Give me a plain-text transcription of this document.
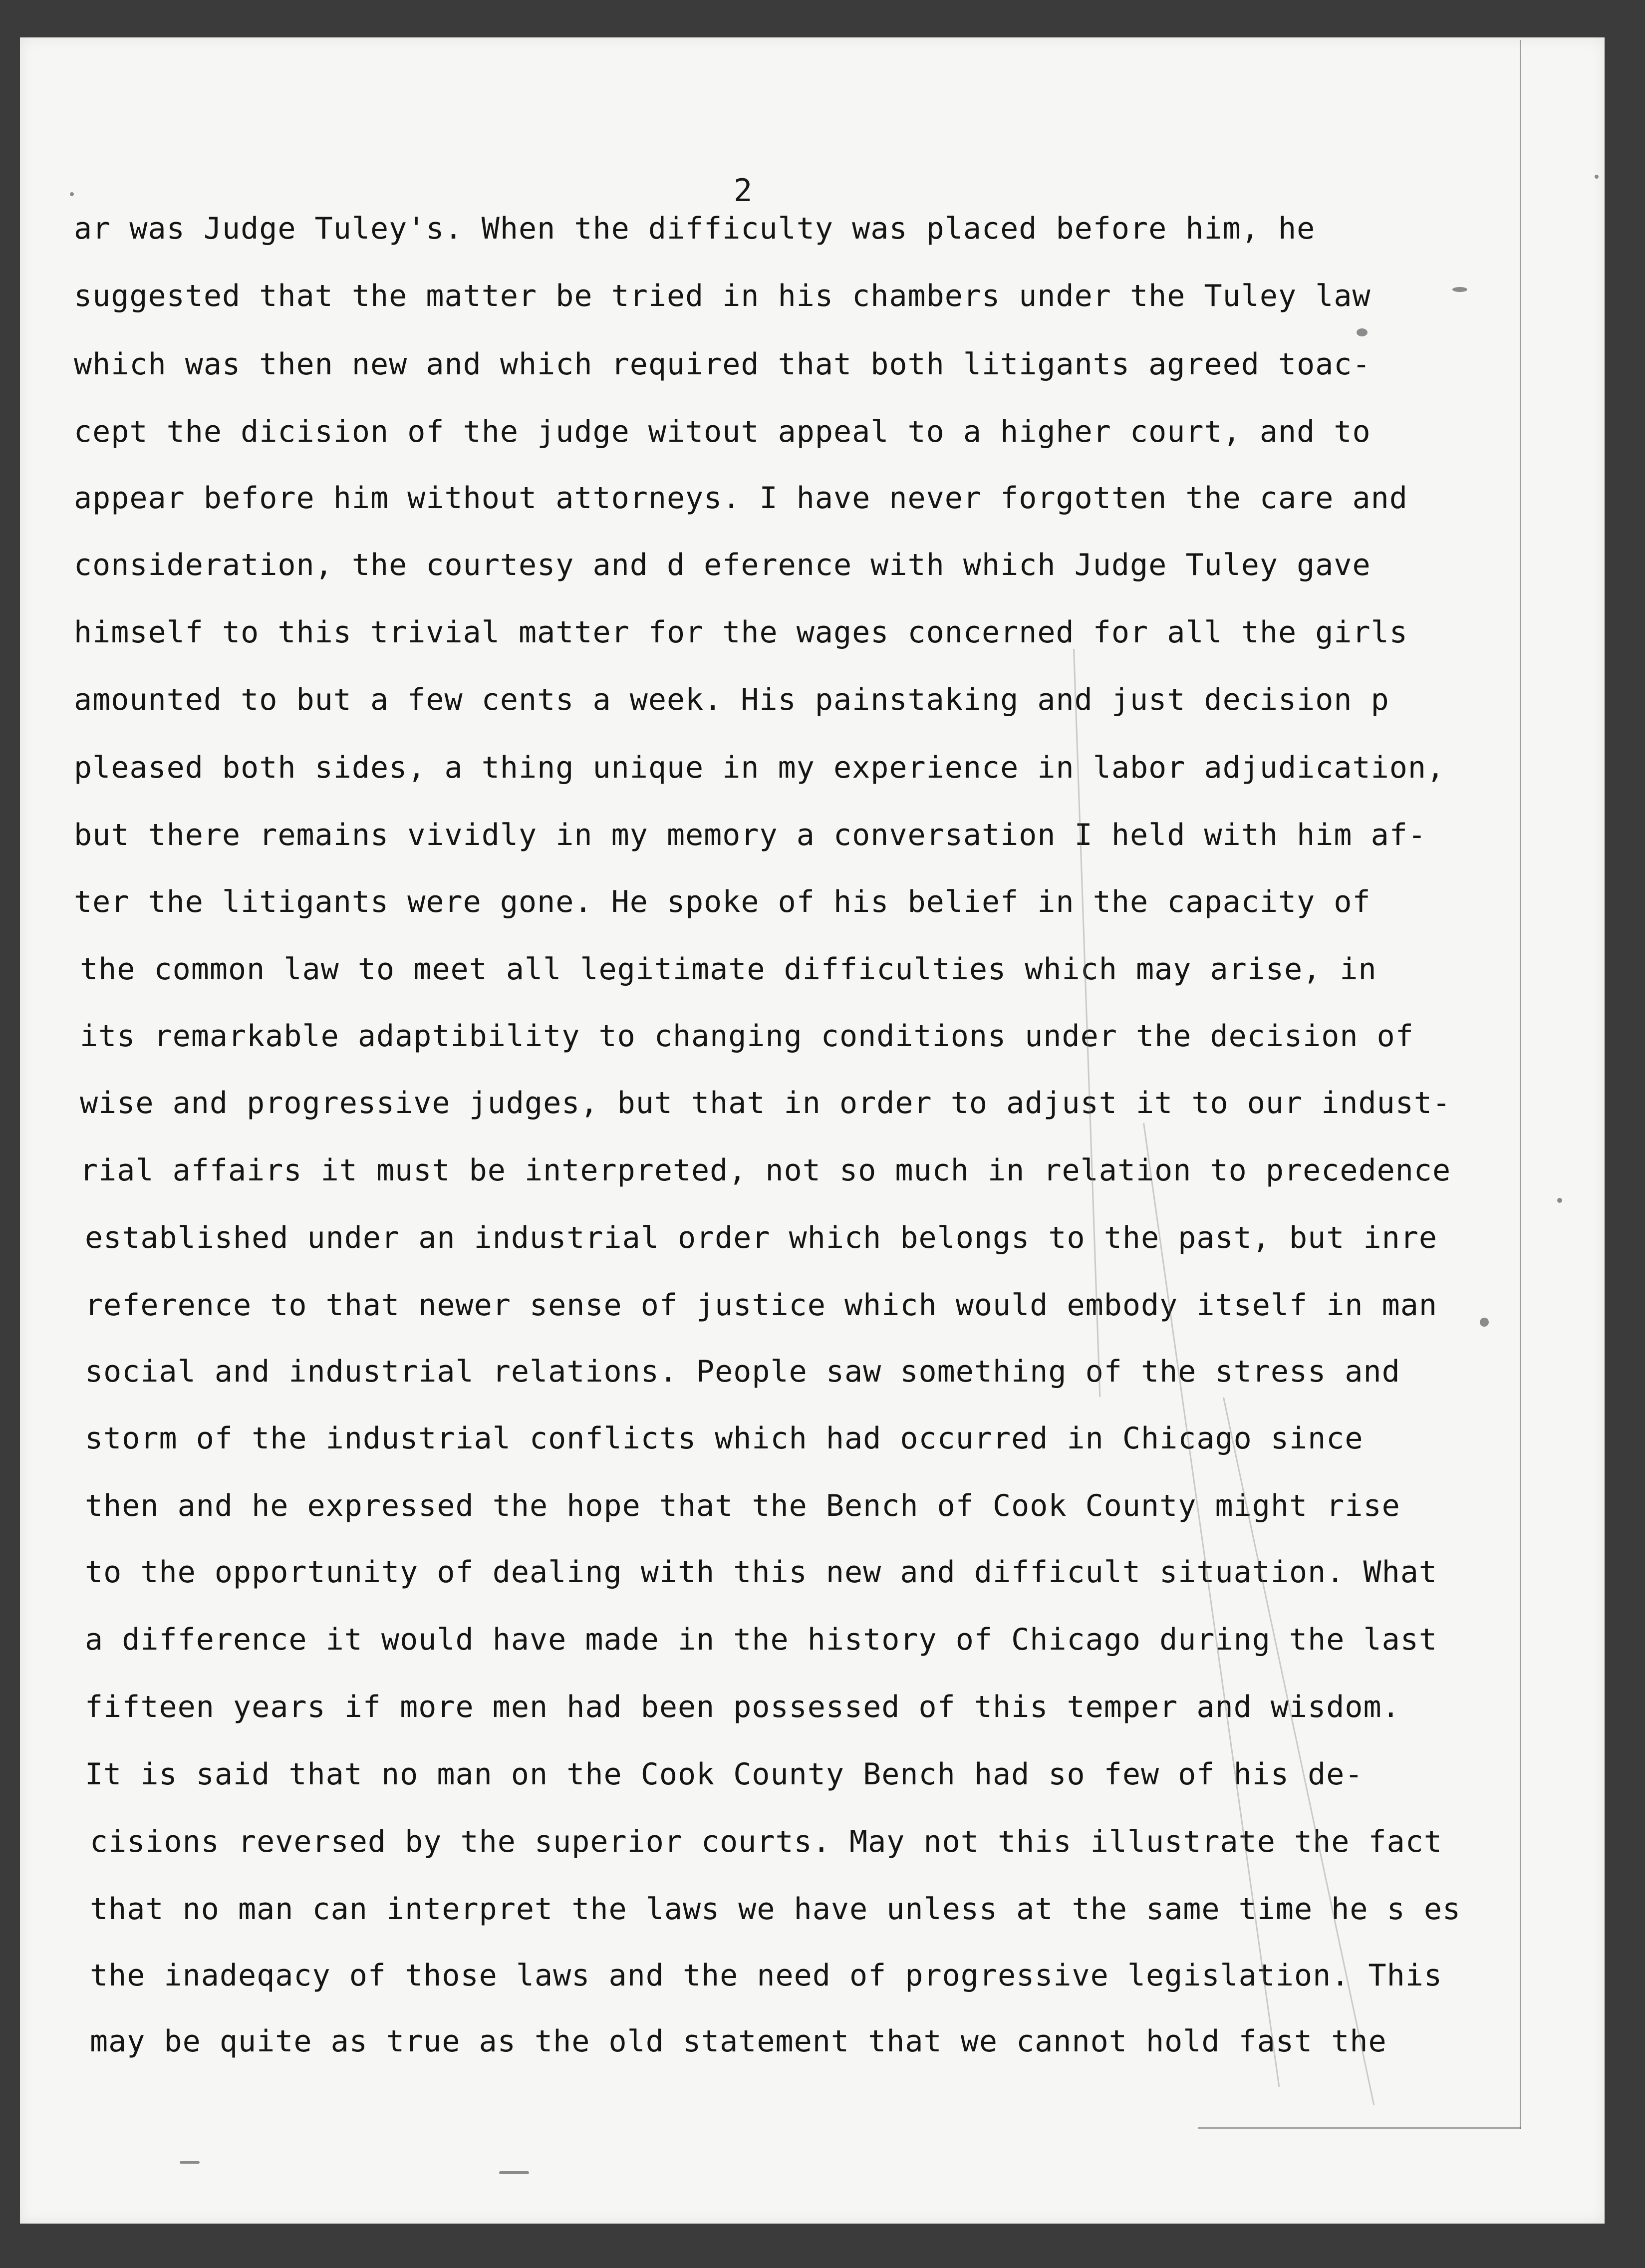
2
ar was Judge Tuley's. When the difficulty was placed before him, he
suggested that the matter be tried in his chambers under the Tuley law
which was then new and which required that both litigants agreed toac-
cept the dicision of the judge witout appeal to a higher court, and to
appear before him without attorneys. I have never forgotten the care and
consideration, the courtesy and d eference with which Judge Tuley gave
himself to this trivial matter for the wages concerned for all the girls
amounted to but a few cents a week. His painstaking and just decision p
pleased both sides, a thing unique in my experience in labor adjudication,
but there remains vividly in my memory a conversation I held with him af-
ter the litigants were gone. He spoke of his belief in the capacity of
the common law to meet all legitimate difficulties which may arise, in
its remarkable adaptibility to changing conditions under the decision of
wise and progressive judges, but that in order to adjust it to our indust-
rial affairs it must be interpreted, not so much in relation to precedence
established under an industrial order which belongs to the past, but inre
reference to that newer sense of justice which would embody itself in man
social and industrial relations. People saw something of the stress and
storm of the industrial conflicts which had occurred in Chicago since
then and he expressed the hope that the Bench of Cook County might rise
to the opportunity of dealing with this new and difficult situation. What
a difference it would have made in the history of Chicago during the last
fifteen years if more men had been possessed of this temper and wisdom.
It is said that no man on the Cook County Bench had so few of his de-
cisions reversed by the superior courts. May not this illustrate the fact
that no man can interpret the laws we have unless at the same time he s es
the inadeqacy of those laws and the need of progressive legislation. This
may be quite as true as the old statement that we cannot hold fast the
